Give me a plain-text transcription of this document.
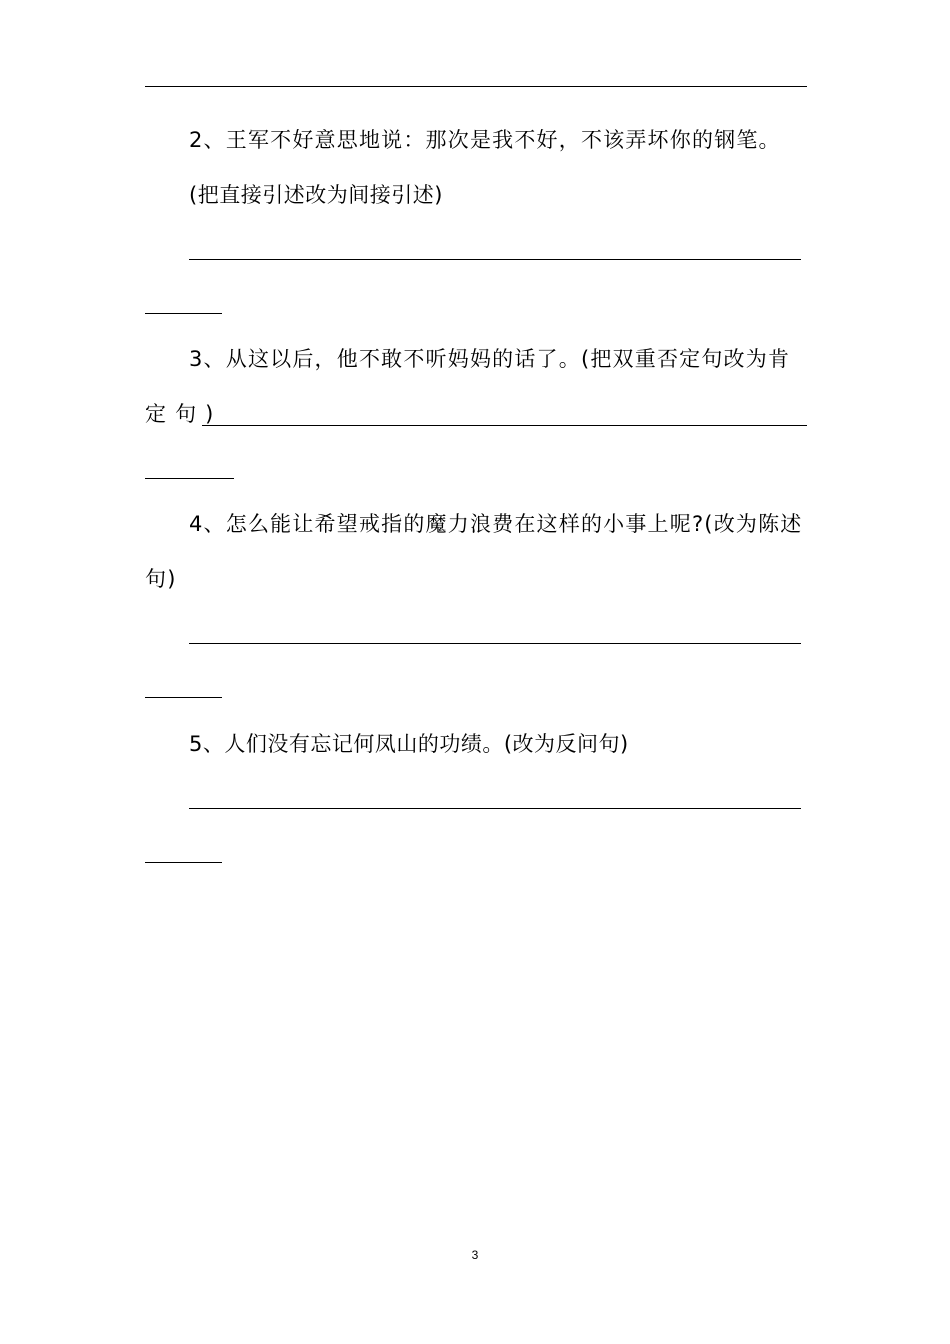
2、王军不好意思地说：那次是我不好，不该弄坏你的钢笔。
(把直接引述改为间接引述)
3、从这以后，他不敢不听妈妈的话了。(把双重否定句改为肯
定 句 )
4、怎么能让希望戒指的魔力浪费在这样的小事上呢?(改为陈述
句)
5、人们没有忘记何凤山的功绩。(改为反问句)
3
